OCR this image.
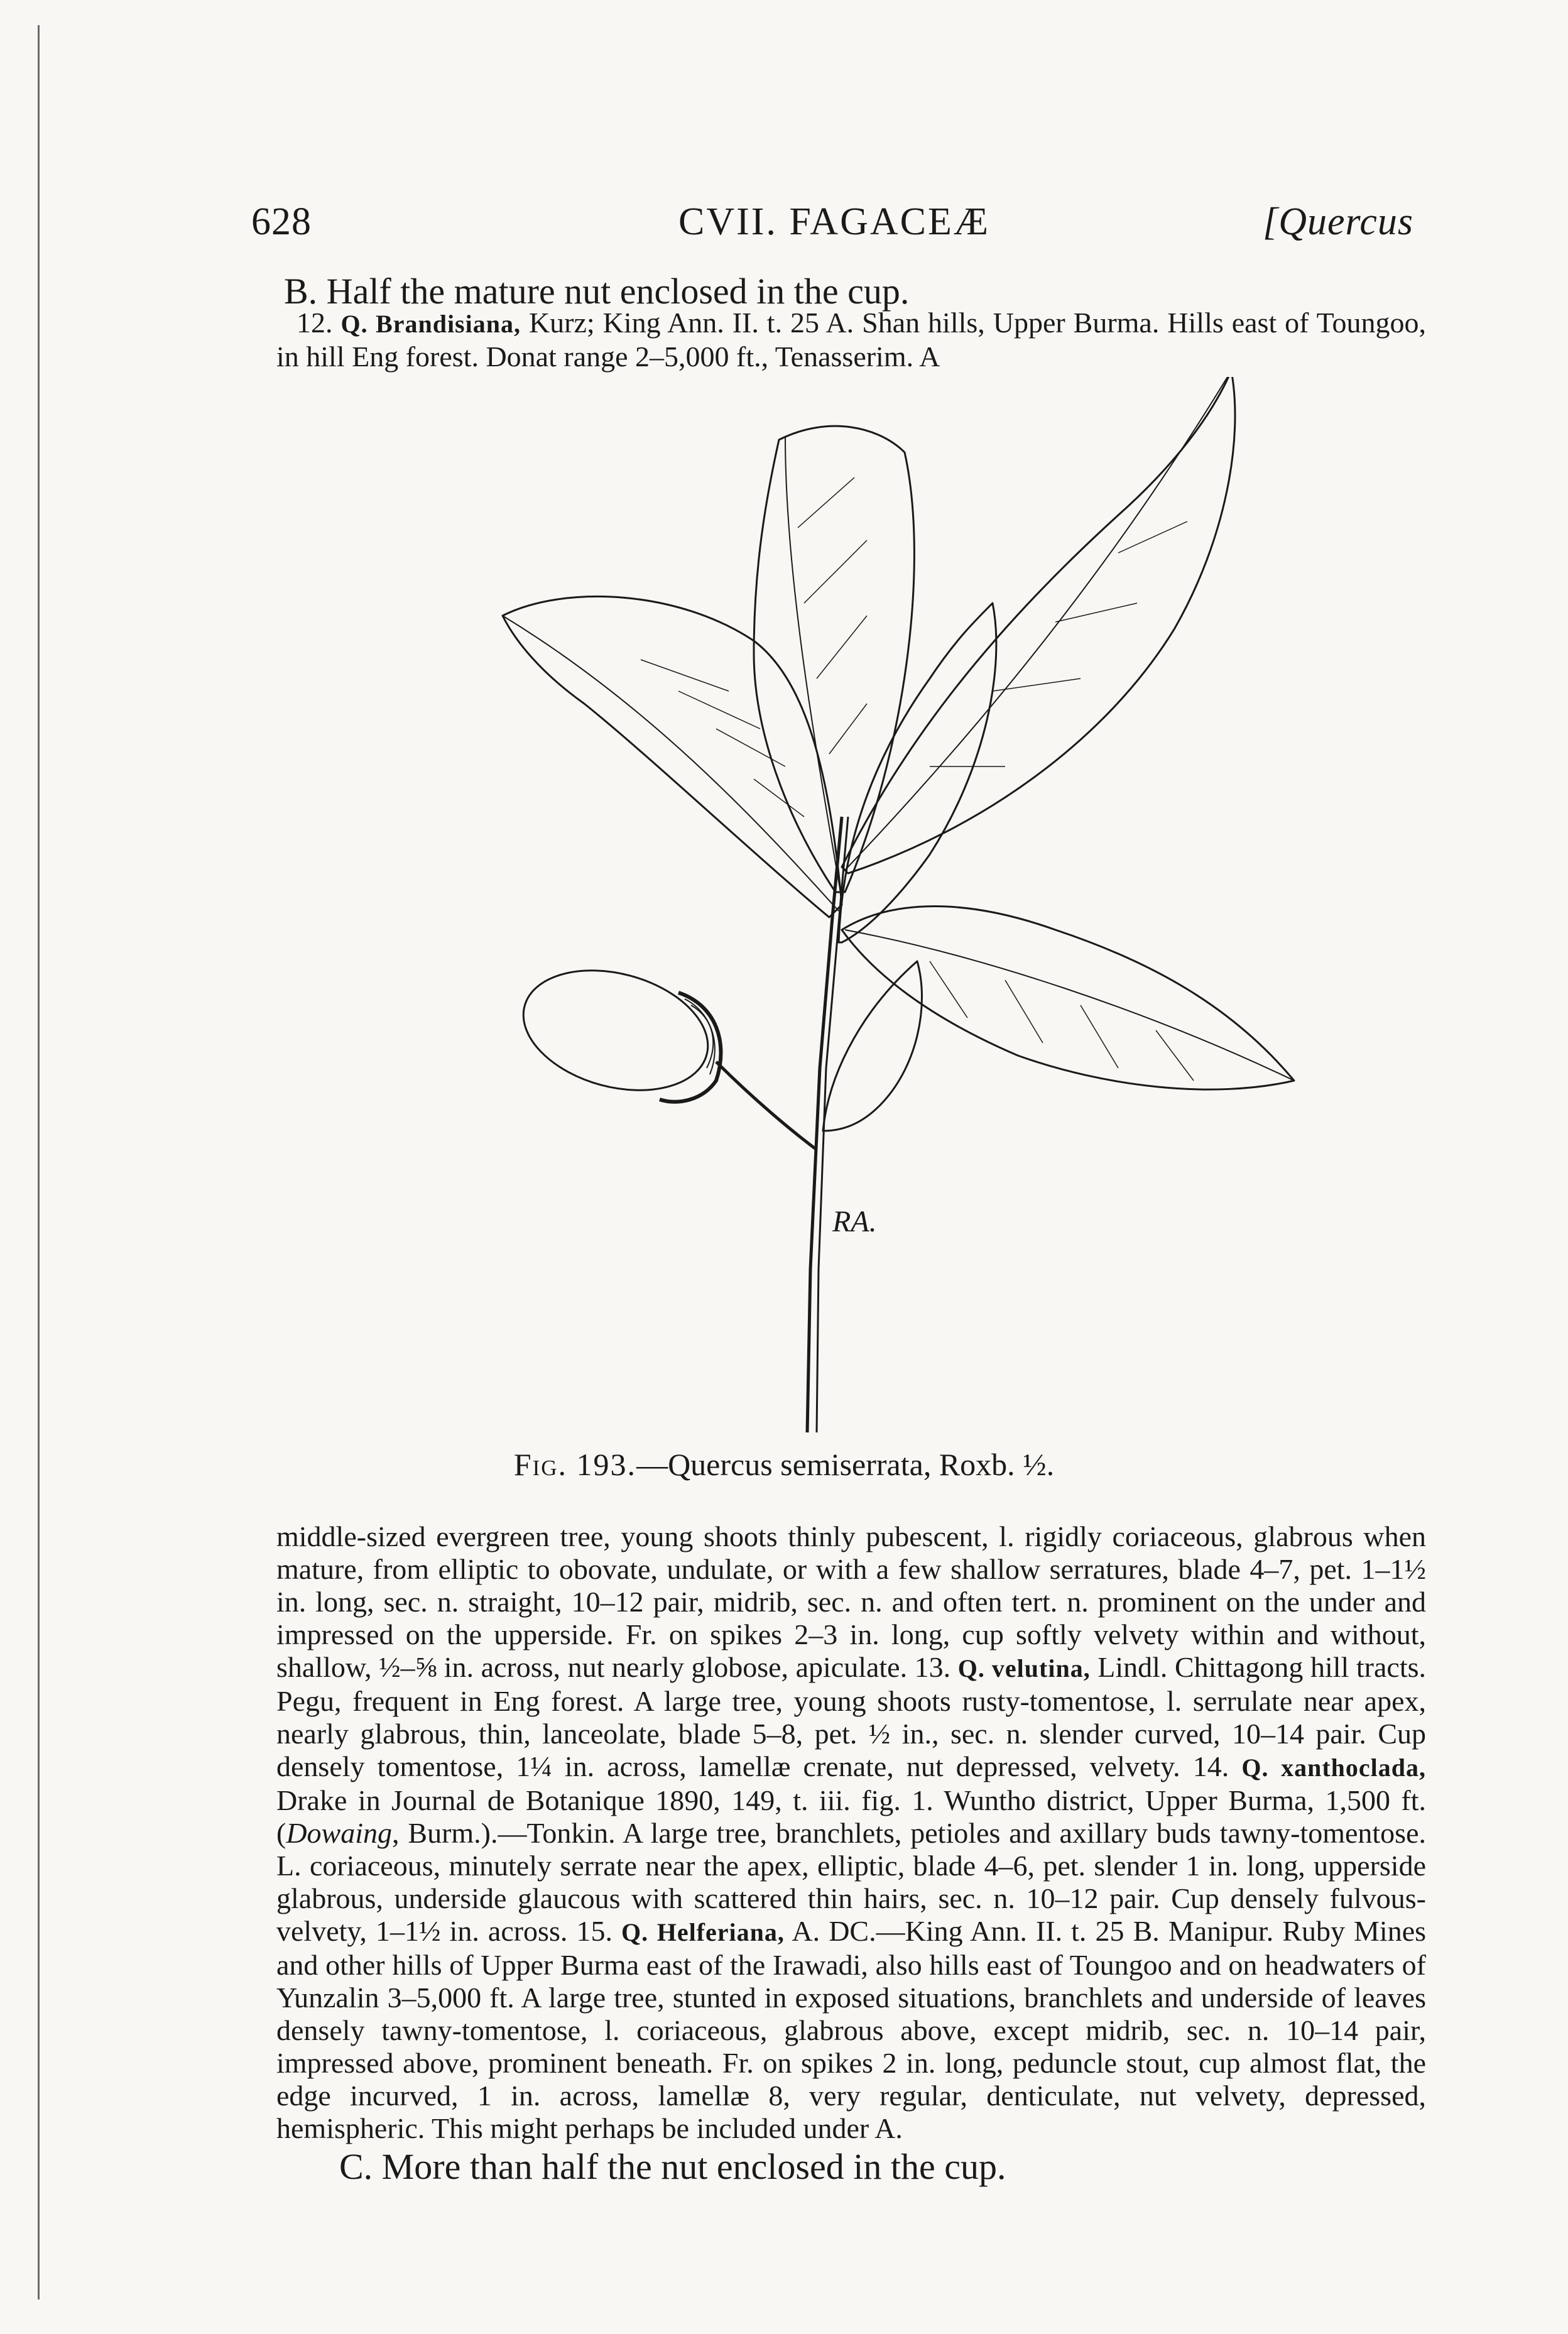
628	CVII. FAGACEÆ	[Quercus
B. Half the mature nut enclosed in the cup.

12. Q. Brandisiana, Kurz; King Ann. II. t. 25 A. Shan hills, Upper Burma. Hills east of Toungoo, in hill Eng forest. Donat range 2–5,000 ft., Tenasserim. A

RA.
Fig. 193.—Quercus semiserrata, Roxb. ½.

middle-sized evergreen tree, young shoots thinly pubescent, l. rigidly coriaceous, glabrous when mature, from elliptic to obovate, undulate, or with a few shallow serratures, blade 4–7, pet. 1–1½ in. long, sec. n. straight, 10–12 pair, midrib, sec. n. and often tert. n. prominent on the under and impressed on the upperside. Fr. on spikes 2–3 in. long, cup softly velvety within and without, shallow, ½–⅝ in. across, nut nearly globose, apiculate. 13. Q. velutina, Lindl. Chittagong hill tracts. Pegu, frequent in Eng forest. A large tree, young shoots rusty-tomentose, l. serrulate near apex, nearly glabrous, thin, lanceolate, blade 5–8, pet. ½ in., sec. n. slender curved, 10–14 pair. Cup densely tomentose, 1¼ in. across, lamellæ crenate, nut depressed, velvety. 14. Q. xanthoclada, Drake in Journal de Botanique 1890, 149, t. iii. fig. 1. Wuntho district, Upper Burma, 1,500 ft. (Dowaing, Burm.).—Tonkin. A large tree, branchlets, petioles and axillary buds tawny-tomentose. L. coriaceous, minutely serrate near the apex, elliptic, blade 4–6, pet. slender 1 in. long, upperside glabrous, underside glaucous with scattered thin hairs, sec. n. 10–12 pair. Cup densely fulvous-velvety, 1–1½ in. across. 15. Q. Helferiana, A. DC.—King Ann. II. t. 25 B. Manipur. Ruby Mines and other hills of Upper Burma east of the Irawadi, also hills east of Toungoo and on headwaters of Yunzalin 3–5,000 ft. A large tree, stunted in exposed situations, branchlets and underside of leaves densely tawny-tomentose, l. coriaceous, glabrous above, except midrib, sec. n. 10–14 pair, impressed above, prominent beneath. Fr. on spikes 2 in. long, peduncle stout, cup almost flat, the edge incurved, 1 in. across, lamellæ 8, very regular, denticulate, nut velvety, depressed, hemispheric. This might perhaps be included under A.

C. More than half the nut enclosed in the cup.
